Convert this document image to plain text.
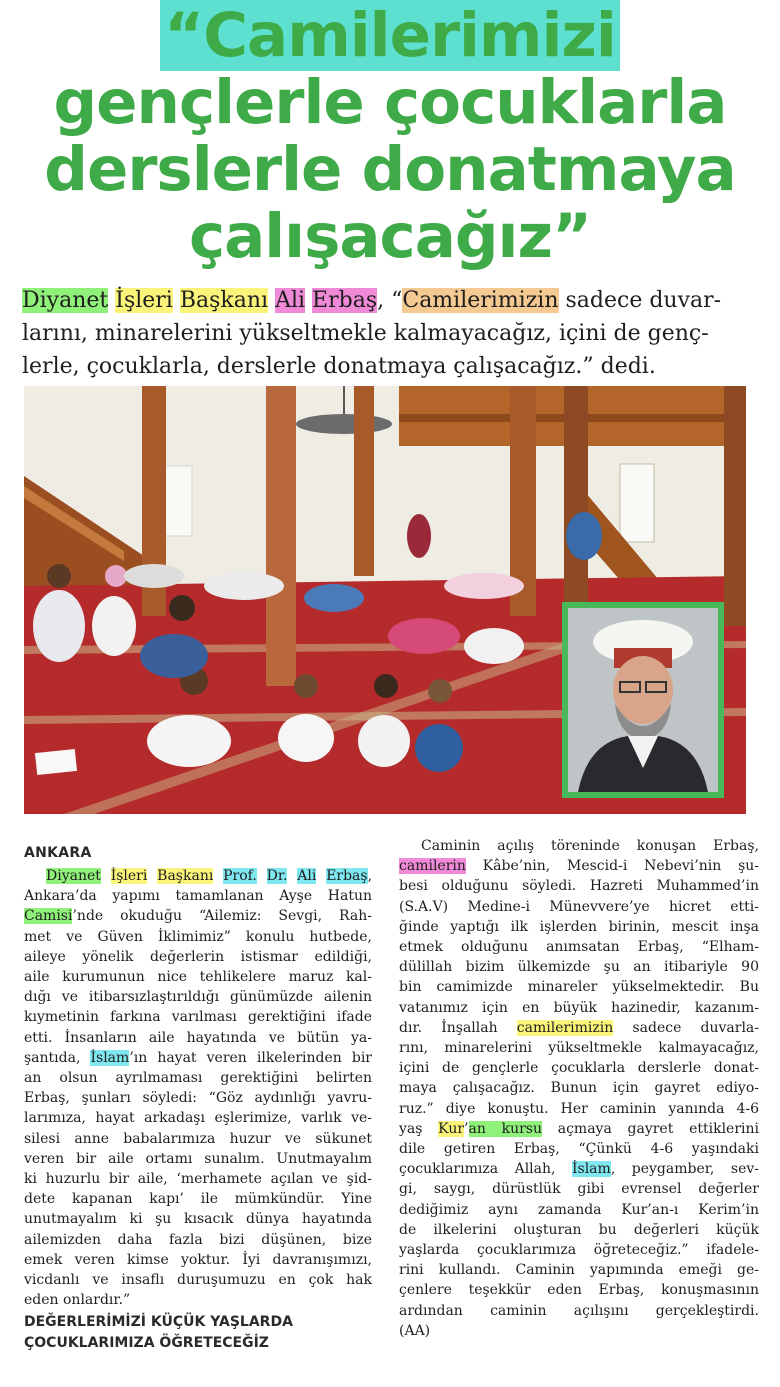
“Camilerimizi
gençlerle çocuklarla
derslerle donatmaya
çalışacağız”
Diyanet İşleri Başkanı Ali Erbaş, “Camilerimizin sadece duvar-
larını, minarelerini yükseltmekle kalmayacağız, içini de genç-
lerle, çocuklarla, derslerle donatmaya çalışacağız.” dedi.
ANKARA
Diyanet İşleri Başkanı Prof. Dr. Ali Erbaş,
Ankara’da yapımı tamamlanan Ayşe Hatun
Camisi’nde okuduğu “Ailemiz: Sevgi, Rah-
met ve Güven İklimimiz” konulu hutbede,
aileye yönelik değerlerin istismar edildiği,
aile kurumunun nice tehlikelere maruz kal-
dığı ve itibarsızlaştırıldığı günümüzde ailenin
kıymetinin farkına varılması gerektiğini ifade
etti. İnsanların aile hayatında ve bütün ya-
şantıda, İslam’ın hayat veren ilkelerinden bir
an olsun ayrılmaması gerektiğini belirten
Erbaş, şunları söyledi: “Göz aydınlığı yavru-
larımıza, hayat arkadaşı eşlerimize, varlık ve-
silesi anne babalarımıza huzur ve sükunet
veren bir aile ortamı sunalım. Unutmayalım
ki huzurlu bir aile, ‘merhamete açılan ve şid-
dete kapanan kapı’ ile mümkündür. Yine
unutmayalım ki şu kısacık dünya hayatında
ailemizden daha fazla bizi düşünen, bize
emek veren kimse yoktur. İyi davranışımızı,
vicdanlı ve insaflı duruşumuzu en çok hak
eden onlardır.”
DEĞERLERİMİZİ KÜÇÜK YAŞLARDA
ÇOCUKLARIMIZA ÖĞRETECEĞİZ
Caminin açılış töreninde konuşan Erbaş,
camilerin Kâbe’nin, Mescid-i Nebevi’nin şu-
besi olduğunu söyledi. Hazreti Muhammed’in
(S.A.V) Medine-i Münevvere’ye hicret etti-
ğinde yaptığı ilk işlerden birinin, mescit inşa
etmek olduğunu anımsatan Erbaş, “Elham-
dülillah bizim ülkemizde şu an itibariyle 90
bin camimizde minareler yükselmektedir. Bu
vatanımız için en büyük hazinedir, kazanım-
dır. İnşallah camilerimizin sadece duvarla-
rını, minarelerini yükseltmekle kalmayacağız,
içini de gençlerle çocuklarla derslerle donat-
maya çalışacağız. Bunun için gayret ediyo-
ruz.” diye konuştu. Her caminin yanında 4-6
yaş Kur’an kursu açmaya gayret ettiklerini
dile getiren Erbaş, “Çünkü 4-6 yaşındaki
çocuklarımıza Allah, İslam, peygamber, sev-
gi, saygı, dürüstlük gibi evrensel değerler
dediğimiz aynı zamanda Kur’an-ı Kerim’in
de ilkelerini oluşturan bu değerleri küçük
yaşlarda çocuklarımıza öğreteceğiz.” ifadele-
rini kullandı. Caminin yapımında emeği ge-
çenlere teşekkür eden Erbaş, konuşmasının
ardından caminin açılışını gerçekleştirdi.
(AA)
